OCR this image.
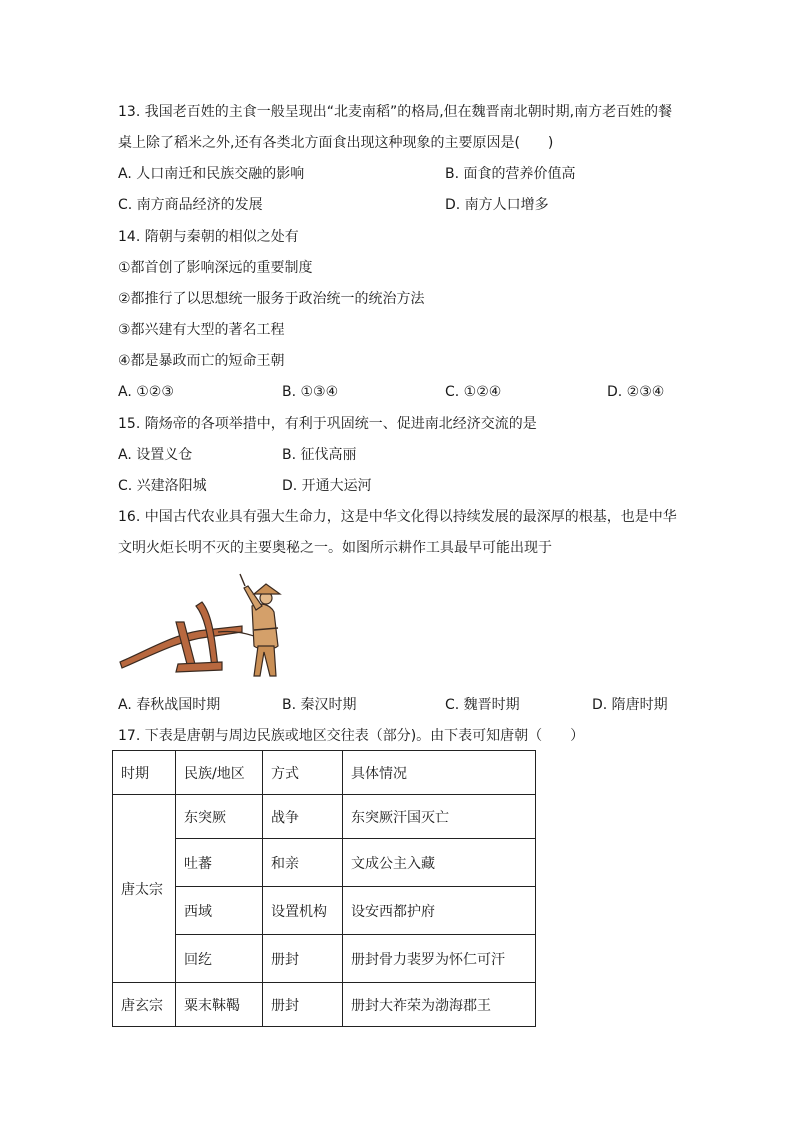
13. 我国老百姓的主食一般呈现出“北麦南稻”的格局,但在魏晋南北朝时期,南方老百姓的餐
桌上除了稻米之外,还有各类北方面食出现这种现象的主要原因是(　　)
A. 人口南迁和民族交融的影响	B. 面食的营养价值高
C. 南方商品经济的发展	D. 南方人口增多
14. 隋朝与秦朝的相似之处有
①都首创了影响深远的重要制度
②都推行了以思想统一服务于政治统一的统治方法
③都兴建有大型的著名工程
④都是暴政而亡的短命王朝
A. ①②③	B. ①③④	C. ①②④	D. ②③④
15. 隋炀帝的各项举措中，有利于巩固统一、促进南北经济交流的是
A. 设置义仓	B. 征伐高丽
C. 兴建洛阳城	D. 开通大运河
16. 中国古代农业具有强大生命力，这是中华文化得以持续发展的最深厚的根基，也是中华
文明火炬长明不灭的主要奥秘之一。如图所示耕作工具最早可能出现于
A. 春秋战国时期	B. 秦汉时期	C. 魏晋时期	D. 隋唐时期
17. 下表是唐朝与周边民族或地区交往表（部分)。由下表可知唐朝（　　）
时期	民族/地区	方式	具体情况
唐太宗	东突厥	战争	东突厥汗国灭亡
	吐蕃	和亲	文成公主入藏
	西域	设置机构	设安西都护府
	回纥	册封	册封骨力裴罗为怀仁可汗
唐玄宗	粟末靺鞨	册封	册封大祚荣为渤海郡王
